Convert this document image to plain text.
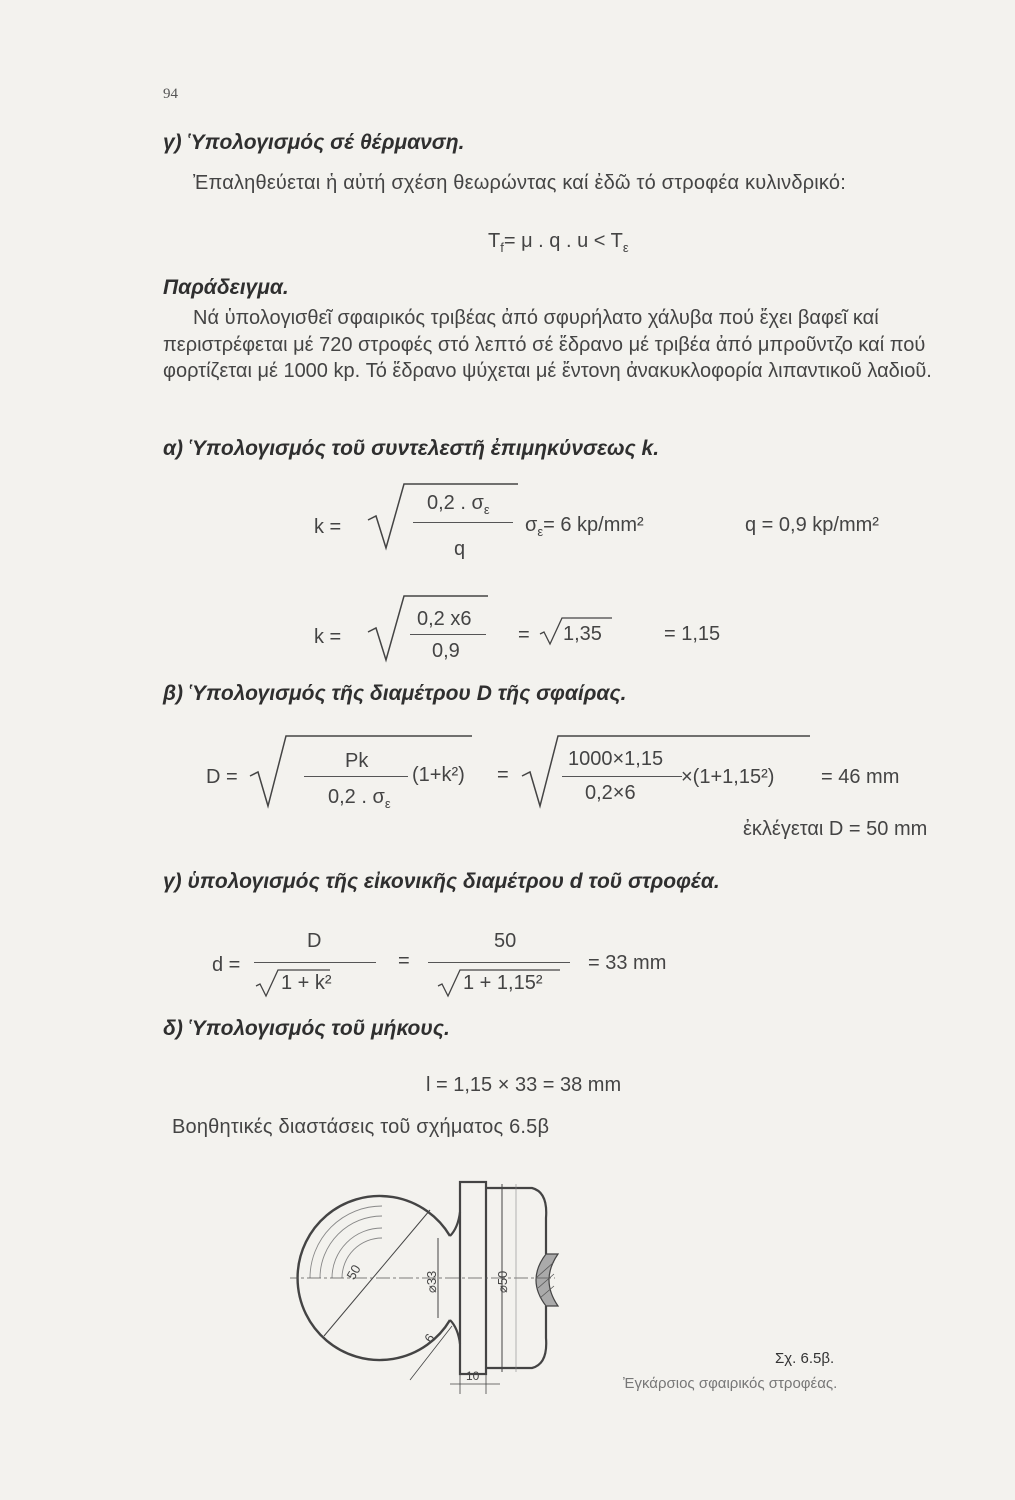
94
γ) Ὑπολογισμός σέ θέρμανση.
Ἐπαληθεύεται ἡ αὐτή σχέση θεωρώντας καί ἐδῶ τό στροφέα κυλινδρικό:
$T_f= \mu$ . q . $u < T_\varepsilon$
Παράδειγμα.

Νά ὑπολογισθεῖ σφαιρικός τριβέας ἀπό σφυρήλατο χάλυβα πού ἔχει βαφεῖ καί περιστρέφεται μέ 720 στροφές στό λεπτό σέ ἕδρανο μέ τριβέα ἀπό μπροῦντζο καί πού φορτίζεται μέ 1000 kp. Τό ἕδρανο ψύχεται μέ ἔντονη ἀνακυκλοφορία λιπαντικοῦ λαδιοῦ.

α) Ὑπολογισμός τοῦ συντελεστῆ ἐπιμηκύνσεως k.
k =
0,2 . $\sigma_\varepsilon$
q
$\sigma_\varepsilon= 6$ kp/mm²	q = 0,9 kp/mm²
k =
0,2 x6
0,9
= 1,35	= 1,15
β) Ὑπολογισμός τῆς διαμέτρου D τῆς σφαίρας.
D =
Pk
0,2 . $\sigma_\varepsilon$
(1+k²) =
1000×1,15
0,2×6
×(1+1,15²) = 46 mm
ἐκλέγεται D = 50 mm
γ) ὑπολογισμός τῆς εἰκονικῆς διαμέτρου d τοῦ στροφέα.
d =
D
1 + k²
=
50
1 + 1,15²
= 33 mm
δ) Ὑπολογισμός τοῦ μήκους.
l = 1,15 × 33 = 38 mm
Βοηθητικές διαστάσεις τοῦ σχήματος 6.5β
50	⌀33	⌀50
6
10
Σχ. 6.5β.
Ἐγκάρσιος σφαιρικός στροφέας.
